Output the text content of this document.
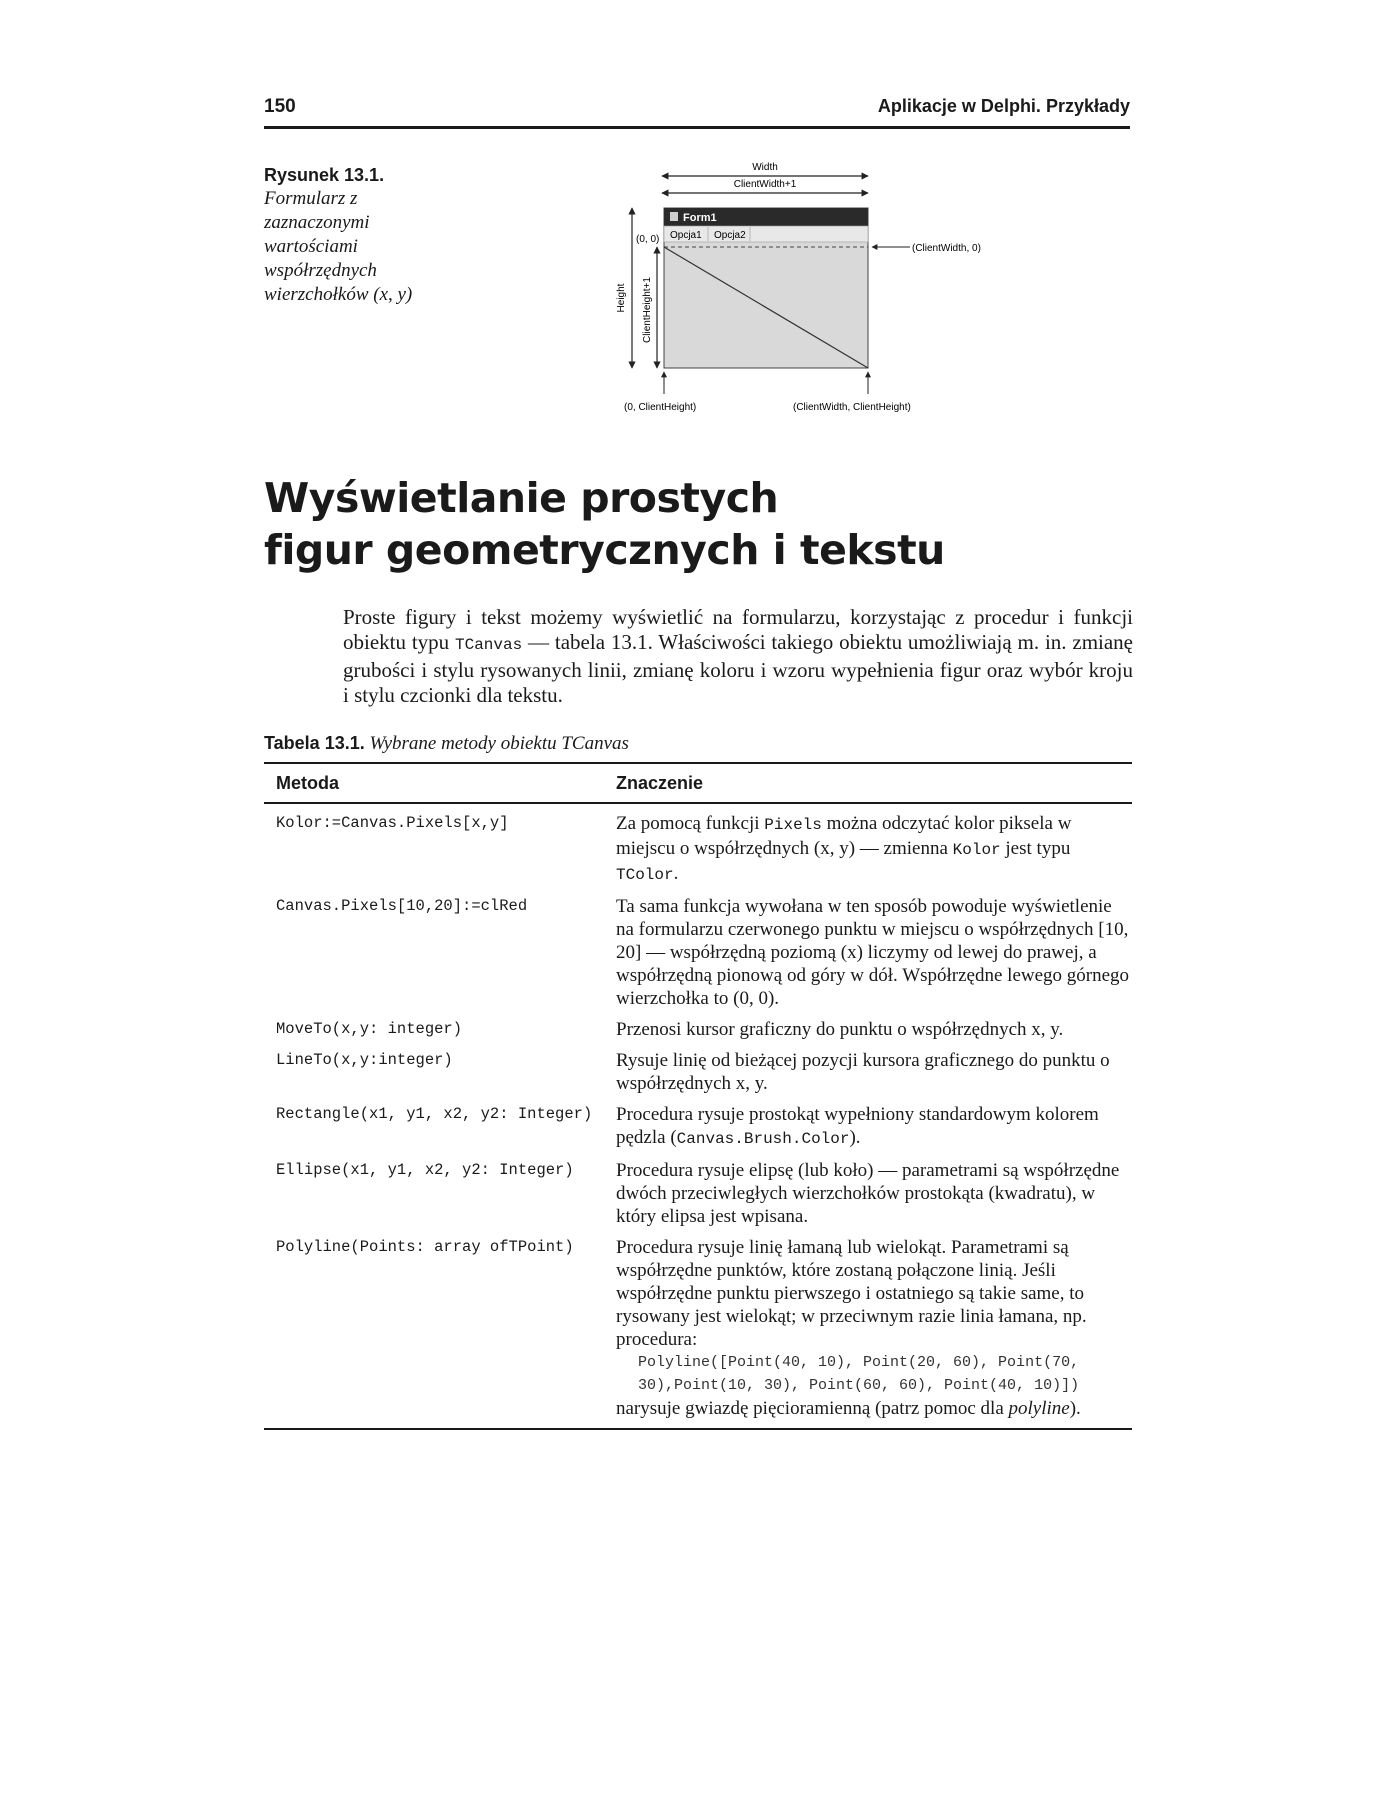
150	Aplikacje w Delphi. Przykłady
Rysunek 13.1.
Formularz z zaznaczonymi wartościami współrzędnych wierzchołków (x, y)
Width
ClientWidth+1
Form1
Opcja1 Opcja2
Height ClientHeight+1
(0, 0)
(ClientWidth, 0)
(0, ClientHeight)	(ClientWidth, ClientHeight)
Wyświetlanie prostych
figur geometrycznych i tekstu

Proste figury i tekst możemy wyświetlić na formularzu, korzystając z procedur i funkcji obiektu typu TCanvas — tabela 13.1. Właściwości takiego obiektu umożliwiają m. in. zmianę grubości i stylu rysowanych linii, zmianę koloru i wzoru wypełnienia figur oraz wybór kroju i stylu czcionki dla tekstu.

Tabela 13.1. Wybrane metody obiektu TCanvas
Metoda	Znaczenie
Kolor:=Canvas.Pixels[x,y]	Za pomocą funkcji Pixels można odczytać kolor piksela w miejscu o współrzędnych (x, y) — zmienna Kolor jest typu TColor.
Canvas.Pixels[10,20]:=clRed	Ta sama funkcja wywołana w ten sposób powoduje wyświetlenie na formularzu czerwonego punktu w miejscu o współrzędnych [10, 20] — współrzędną poziomą (x) liczymy od lewej do prawej, a współrzędną pionową od góry w dół. Współrzędne lewego górnego wierzchołka to (0, 0).
MoveTo(x,y: integer)	Przenosi kursor graficzny do punktu o współrzędnych x, y.
LineTo(x,y:integer)	Rysuje linię od bieżącej pozycji kursora graficznego do punktu o współrzędnych x, y.
Rectangle(x1, y1, x2, y2: Integer)	Procedura rysuje prostokąt wypełniony standardowym kolorem pędzla (Canvas.Brush.Color).
Ellipse(x1, y1, x2, y2: Integer)	Procedura rysuje elipsę (lub koło) — parametrami są współrzędne dwóch przeciwległych wierzchołków prostokąta (kwadratu), w który elipsa jest wpisana.
Polyline(Points: array ofTPoint)	Procedura rysuje linię łamaną lub wielokąt. Parametrami są współrzędne punktów, które zostaną połączone linią. Jeśli współrzędne punktu pierwszego i ostatniego są takie same, to rysowany jest wielokąt; w przeciwnym razie linia łamana, np. procedura:
Polyline([Point(40, 10), Point(20, 60), Point(70,
30),Point(10, 30), Point(60, 60), Point(40, 10)])
narysuje gwiazdę pięcioramienną (patrz pomoc dla polyline).
